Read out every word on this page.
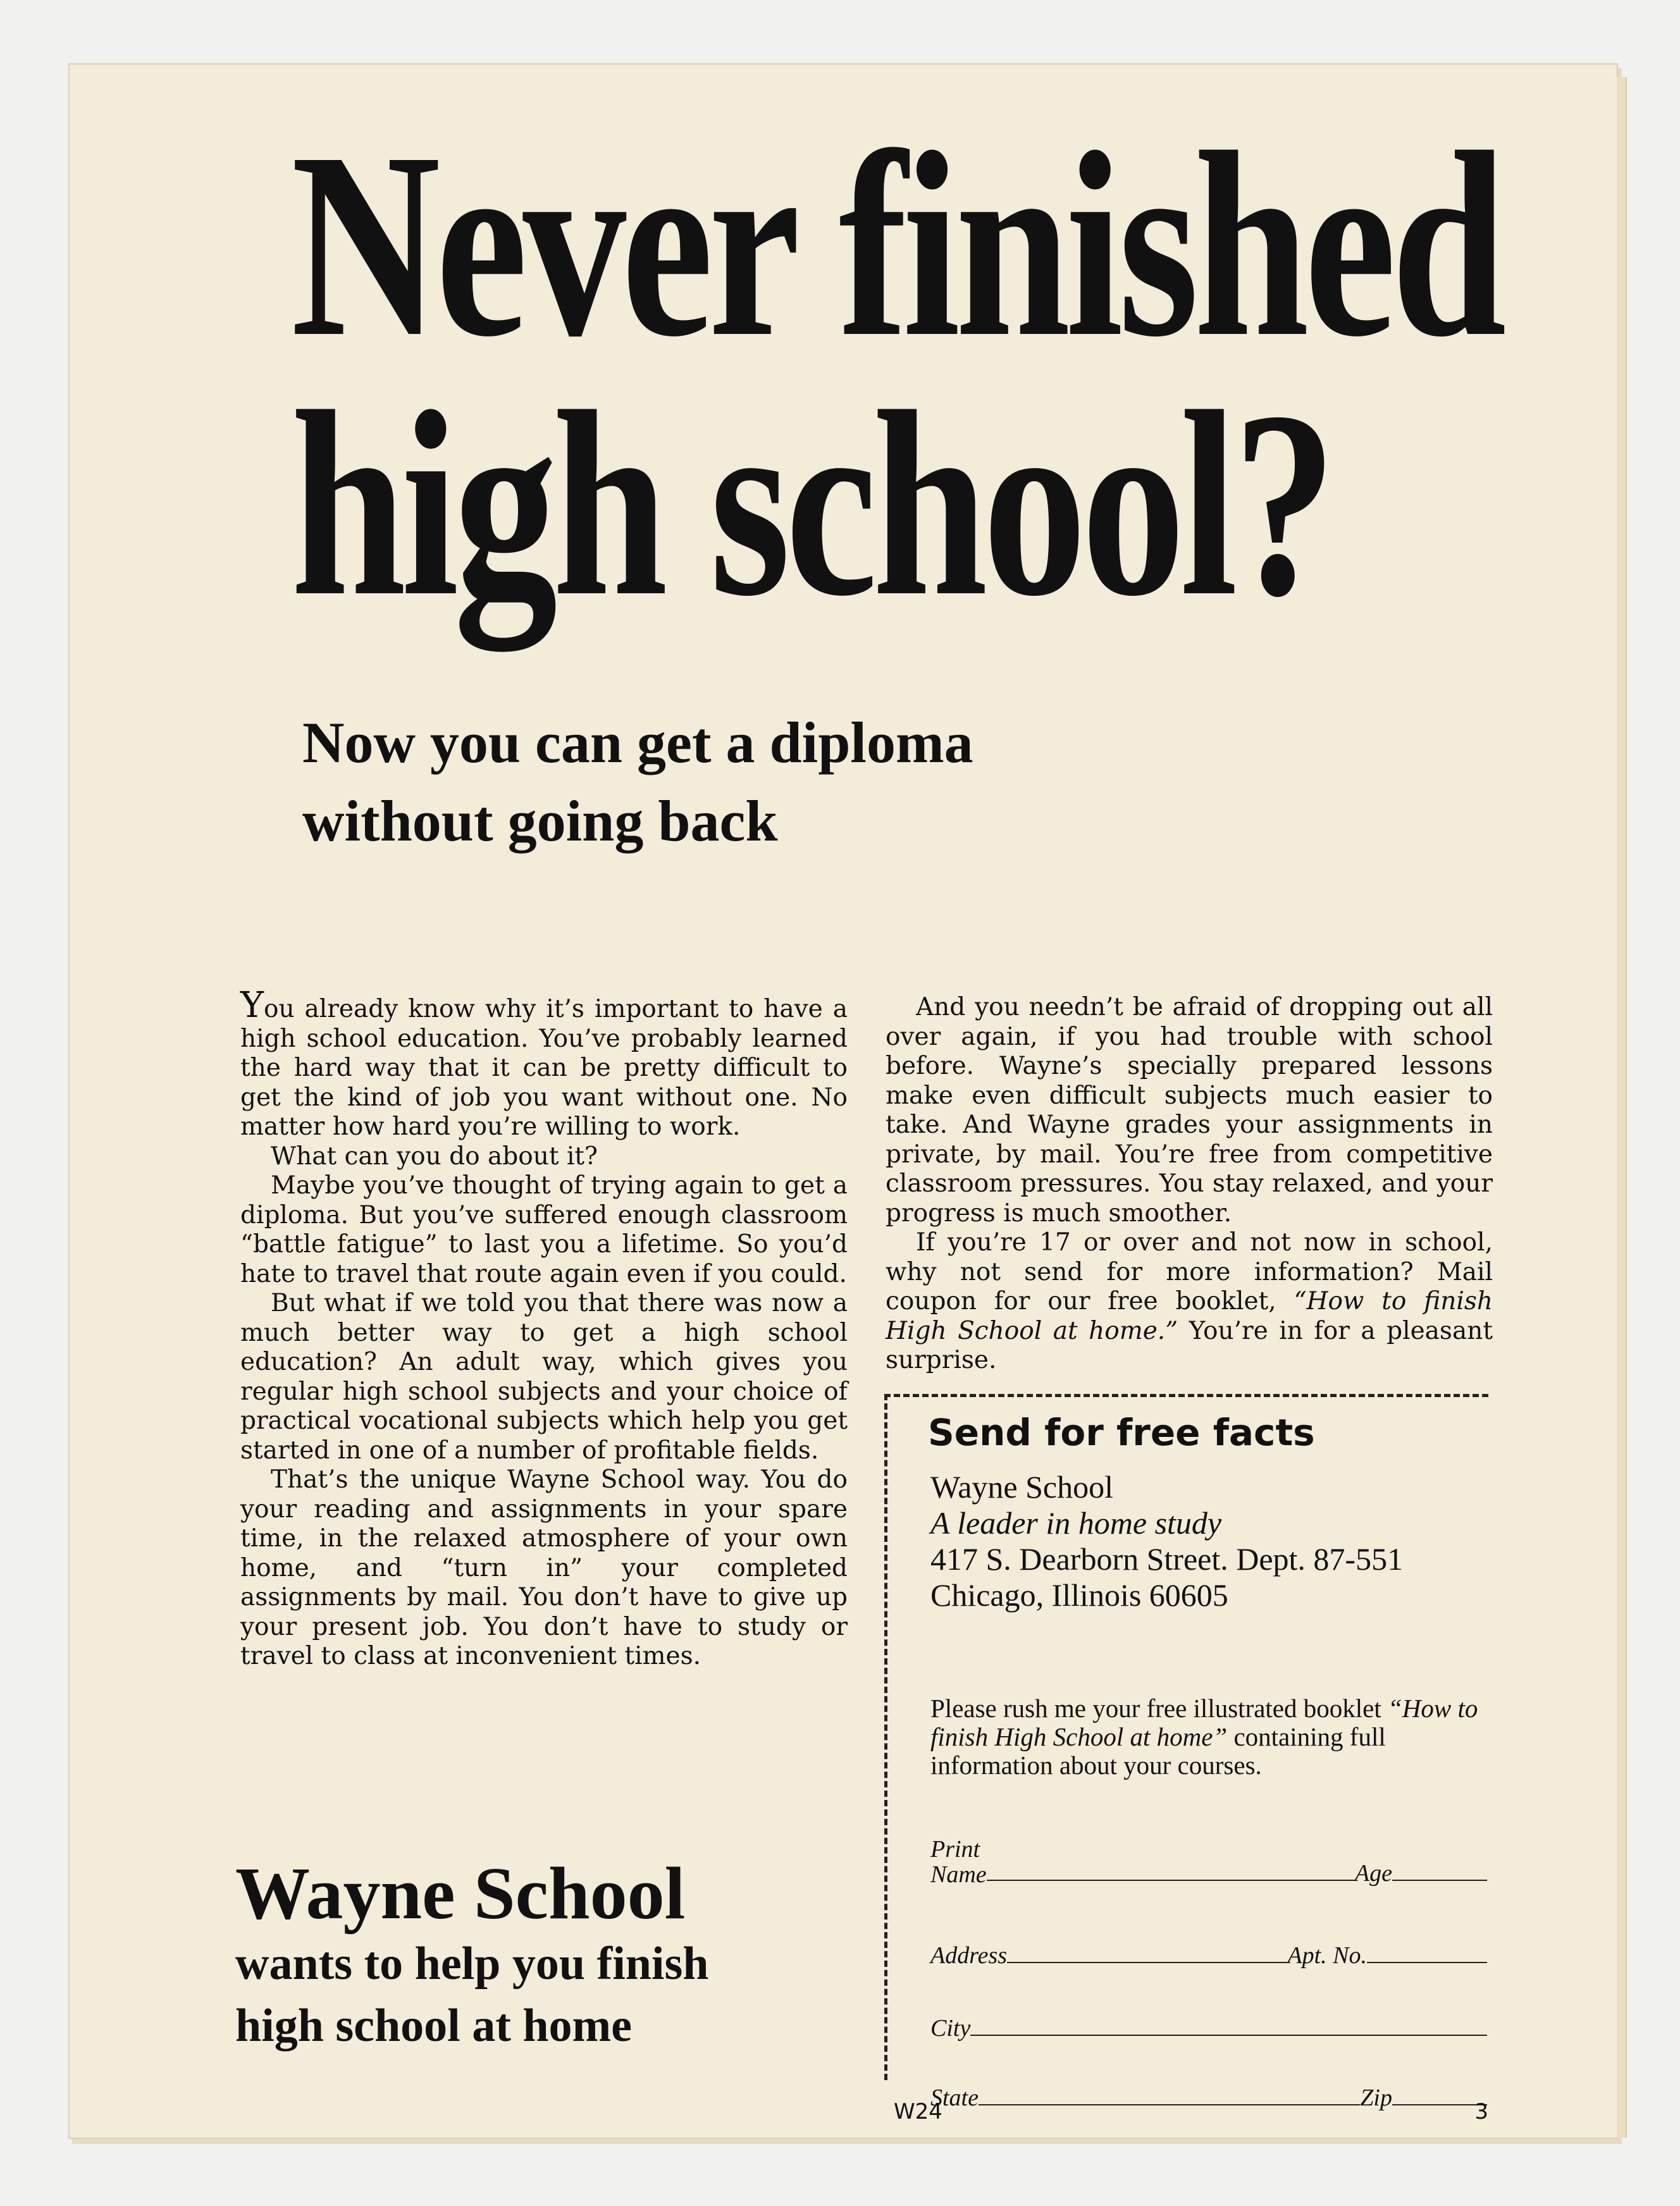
Never finished
high school?
Now you can get a diploma
without going back

You already know why it’s important to have a high school education. You’ve probably learned the hard way that it can be pretty difficult to get the kind of job you want without one. No matter how hard you’re willing to work.

What can you do about it?

Maybe you’ve thought of trying again to get a diploma. But you’ve suffered enough classroom “battle fatigue” to last you a lifetime. So you’d hate to travel that route again even if you could.

But what if we told you that there was now a much better way to get a high school education? An adult way, which gives you regular high school subjects and your choice of practical vocational subjects which help you get started in one of a number of profitable fields.

That’s the unique Wayne School way. You do your reading and assignments in your spare time, in the relaxed atmosphere of your own home, and “turn in” your completed assignments by mail. You don’t have to give up your present job. You don’t have to study or travel to class at inconvenient times.

And you needn’t be afraid of dropping out all over again, if you had trouble with school before. Wayne’s specially prepared lessons make even difficult subjects much easier to take. And Wayne grades your assignments in private, by mail. You’re free from competitive classroom pressures. You stay relaxed, and your progress is much smoother.

If you’re 17 or over and not now in school, why not send for more information? Mail coupon for our free booklet, “How to finish High School at home.” You’re in for a pleasant surprise.

Wayne School
wants to help you finish
high school at home
Send for free facts
Wayne School
A leader in home study
417 S. Dearborn Street. Dept. 87-551
Chicago, Illinois 60605
Please rush me your free illustrated booklet “How to finish High School at home” containing full information about your courses.
Print
Name	Age
Address	Apt. No.
City
State	Zip
W24	3
